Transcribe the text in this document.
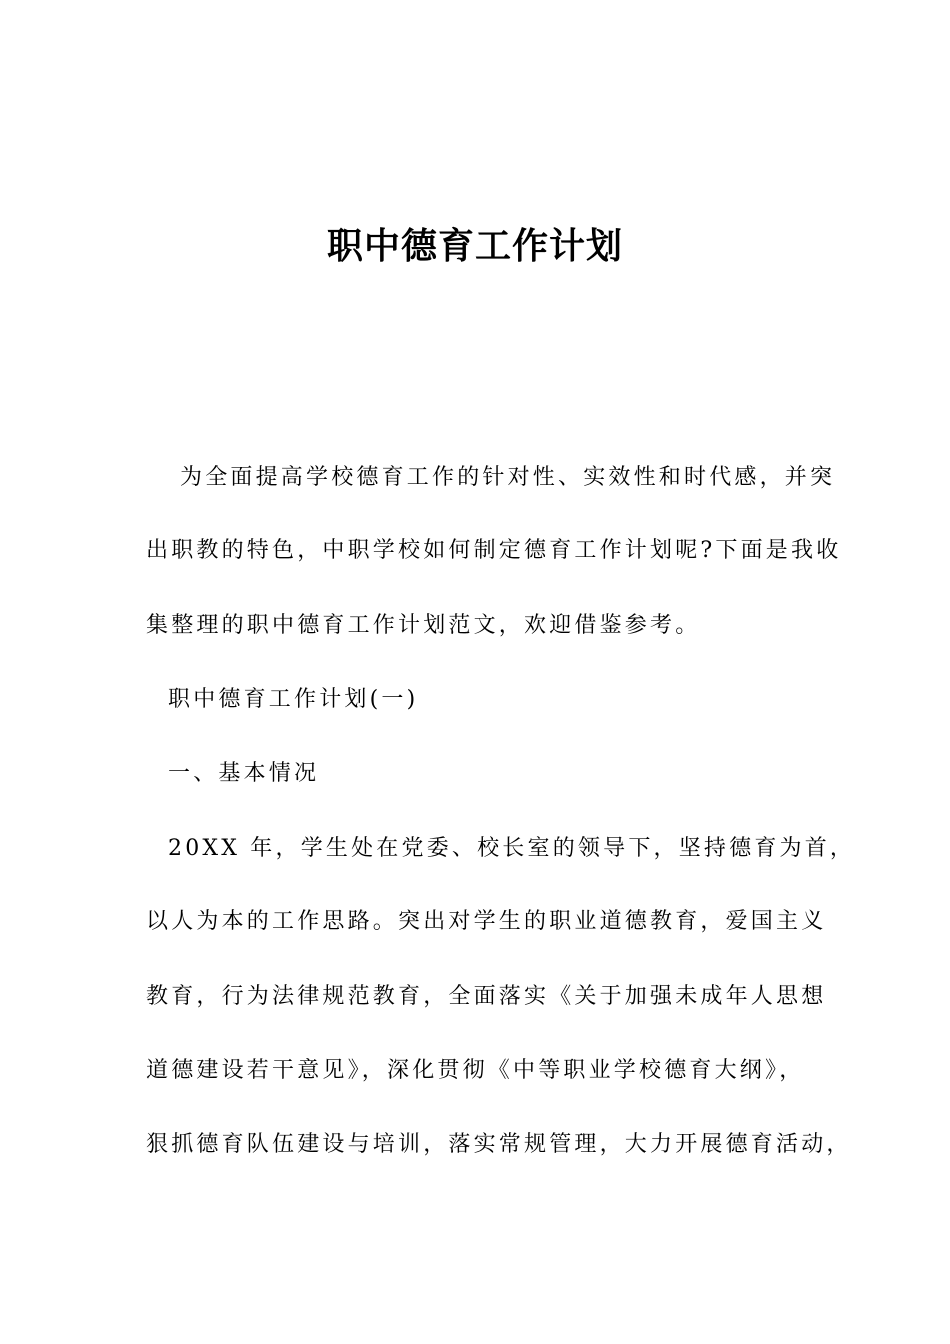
职中德育工作计划
为全面提高学校德育工作的针对性、实效性和时代感，并突
出职教的特色，中职学校如何制定德育工作计划呢?下面是我收
集整理的职中德育工作计划范文，欢迎借鉴参考。
职中德育工作计划(一)
一、基本情况
20XX 年，学生处在党委、校长室的领导下，坚持德育为首，
以人为本的工作思路。突出对学生的职业道德教育，爱国主义
教育，行为法律规范教育，全面落实《关于加强未成年人思想
道德建设若干意见》，深化贯彻《中等职业学校德育大纲》，
狠抓德育队伍建设与培训，落实常规管理，大力开展德育活动，
